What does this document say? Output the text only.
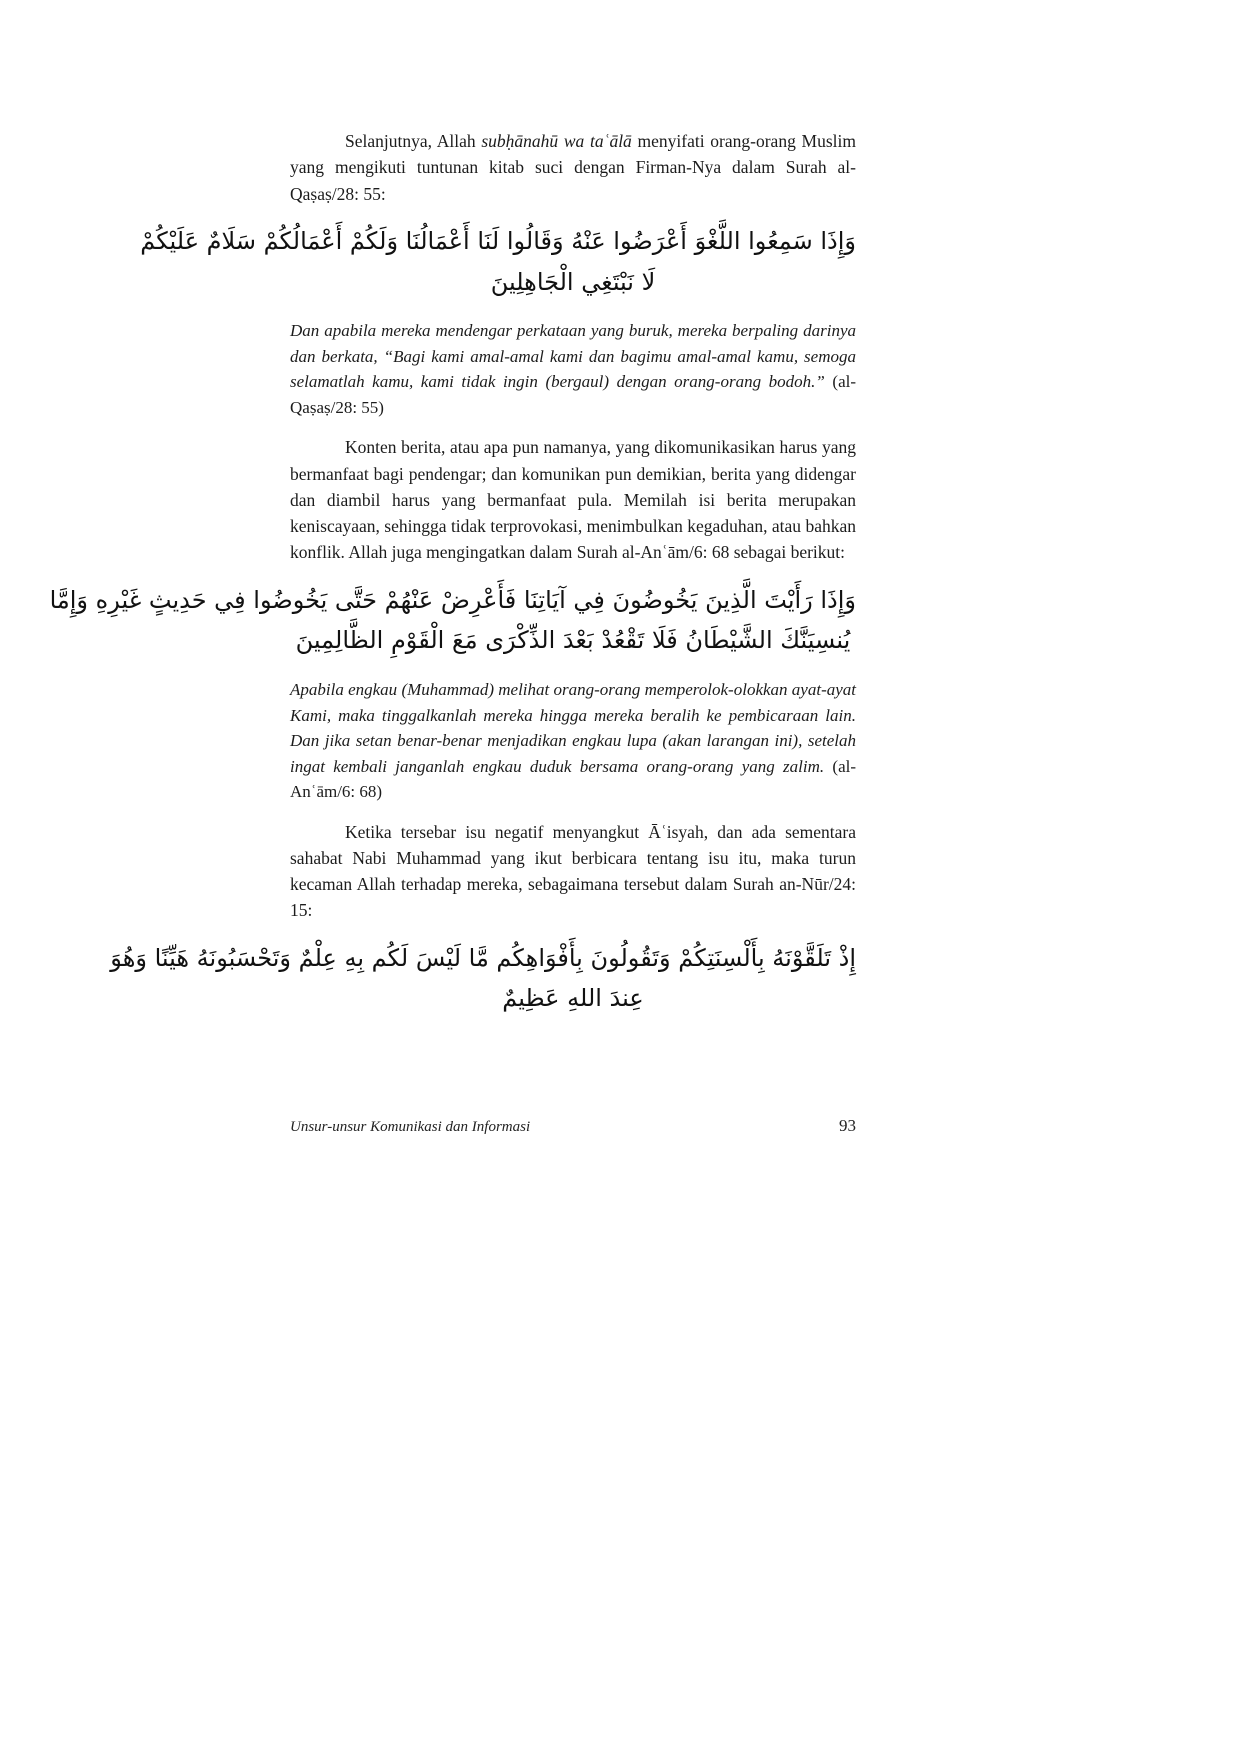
Selanjutnya, Allah subḥānahū wa taʿālā menyifati orang-orang Muslim yang mengikuti tuntunan kitab suci dengan Firman-Nya dalam Surah al-Qaṣaṣ/28: 55:

وَإِذَا سَمِعُوا اللَّغْوَ أَعْرَضُوا عَنْهُ وَقَالُوا لَنَا أَعْمَالُنَا وَلَكُمْ أَعْمَالُكُمْ سَلَامٌ عَلَيْكُمْ
لَا نَبْتَغِي الْجَاهِلِينَ

Dan apabila mereka mendengar perkataan yang buruk, mereka berpaling darinya dan berkata, “Bagi kami amal-amal kami dan bagimu amal-amal kamu, semoga selamatlah kamu, kami tidak ingin (bergaul) dengan orang-orang bodoh.” (al-Qaṣaṣ/28: 55)

Konten berita, atau apa pun namanya, yang dikomunikasikan harus yang bermanfaat bagi pendengar; dan komunikan pun demikian, berita yang didengar dan diambil harus yang bermanfaat pula. Memilah isi berita merupakan keniscayaan, sehingga tidak terprovokasi, menimbulkan kegaduhan, atau bahkan konflik. Allah juga mengingatkan dalam Surah al-Anʿām/6: 68 sebagai berikut:

وَإِذَا رَأَيْتَ الَّذِينَ يَخُوضُونَ فِي آيَاتِنَا فَأَعْرِضْ عَنْهُمْ حَتَّى يَخُوضُوا فِي حَدِيثٍ غَيْرِهِ وَإِمَّا
يُنسِيَنَّكَ الشَّيْطَانُ فَلَا تَقْعُدْ بَعْدَ الذِّكْرَى مَعَ الْقَوْمِ الظَّالِمِينَ

Apabila engkau (Muhammad) melihat orang-orang memperolok-olokkan ayat-ayat Kami, maka tinggalkanlah mereka hingga mereka beralih ke pembicaraan lain. Dan jika setan benar-benar menjadikan engkau lupa (akan larangan ini), setelah ingat kembali janganlah engkau duduk bersama orang-orang yang zalim. (al-Anʿām/6: 68)

Ketika tersebar isu negatif menyangkut Āʿisyah, dan ada sementara sahabat Nabi Muhammad yang ikut berbicara tentang isu itu, maka turun kecaman Allah terhadap mereka, sebagaimana tersebut dalam Surah an-Nūr/24: 15:

إِذْ تَلَقَّوْنَهُ بِأَلْسِنَتِكُمْ وَتَقُولُونَ بِأَفْوَاهِكُم مَّا لَيْسَ لَكُم بِهِ عِلْمٌ وَتَحْسَبُونَهُ هَيِّنًا وَهُوَ
عِندَ اللهِ عَظِيمٌ
Unsur-unsur Komunikasi dan Informasi	93
